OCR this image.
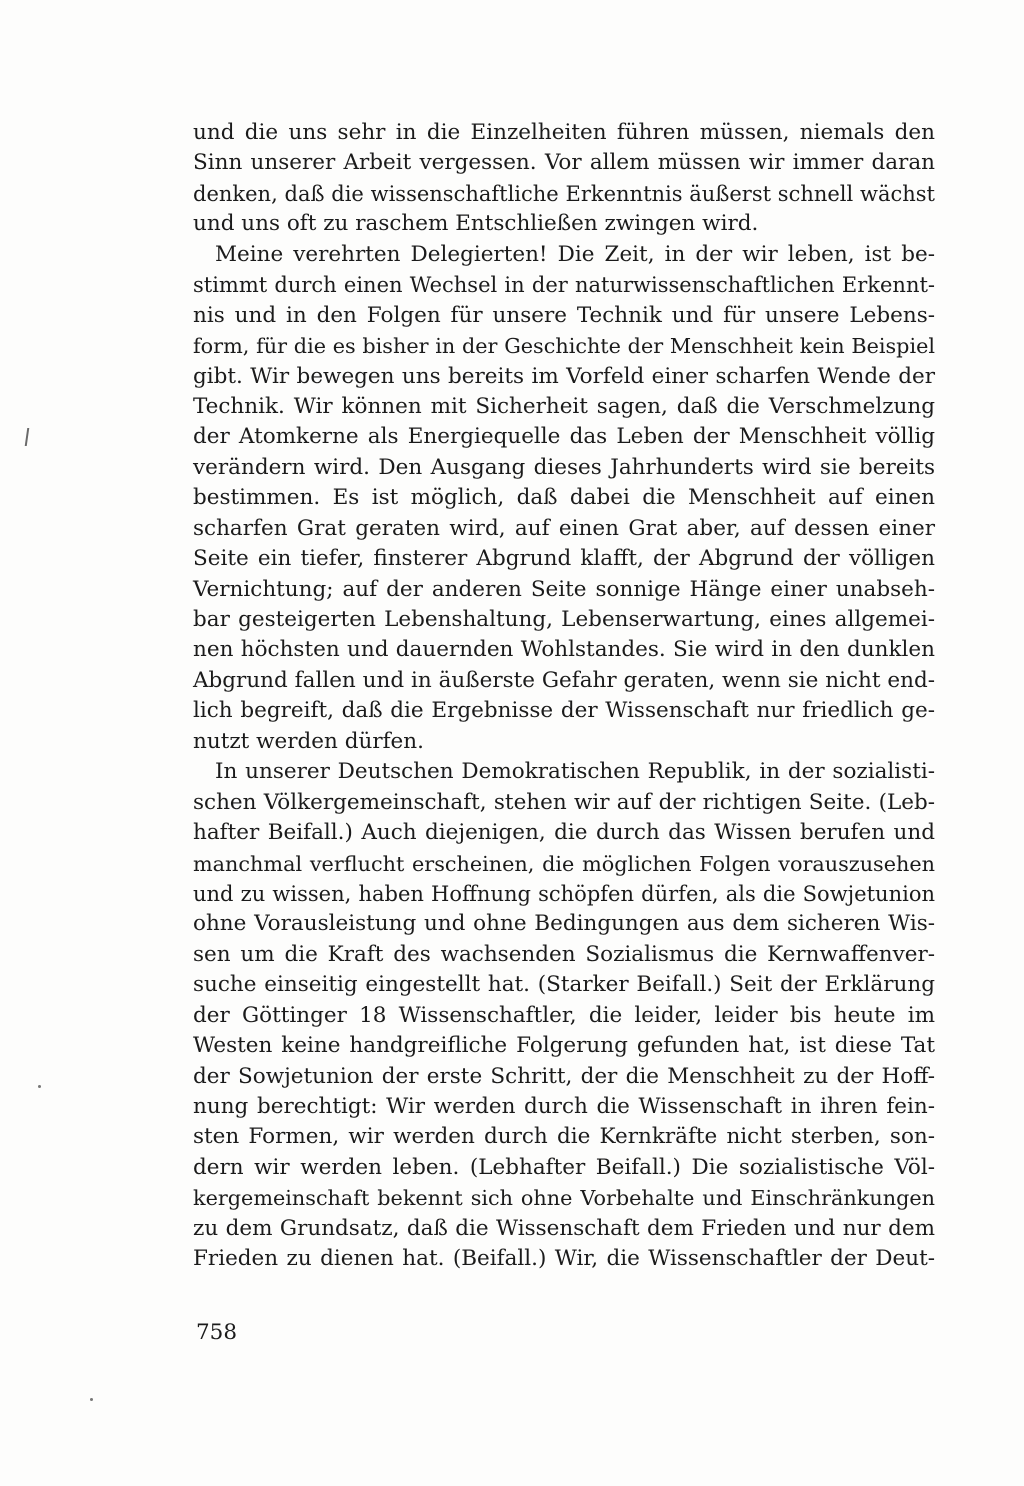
und die uns sehr in die Einzelheiten führen müssen, niemals den
Sinn unserer Arbeit vergessen. Vor allem müssen wir immer daran
denken, daß die wissenschaftliche Erkenntnis äußerst schnell wächst
und uns oft zu raschem Entschließen zwingen wird.
Meine verehrten Delegierten! Die Zeit, in der wir leben, ist be-
stimmt durch einen Wechsel in der naturwissenschaftlichen Erkennt-
nis und in den Folgen für unsere Technik und für unsere Lebens-
form, für die es bisher in der Geschichte der Menschheit kein Beispiel
gibt. Wir bewegen uns bereits im Vorfeld einer scharfen Wende der
Technik. Wir können mit Sicherheit sagen, daß die Verschmelzung
der Atomkerne als Energiequelle das Leben der Menschheit völlig
verändern wird. Den Ausgang dieses Jahrhunderts wird sie bereits
bestimmen. Es ist möglich, daß dabei die Menschheit auf einen
scharfen Grat geraten wird, auf einen Grat aber, auf dessen einer
Seite ein tiefer, finsterer Abgrund klafft, der Abgrund der völligen
Vernichtung; auf der anderen Seite sonnige Hänge einer unabseh-
bar gesteigerten Lebenshaltung, Lebenserwartung, eines allgemei-
nen höchsten und dauernden Wohlstandes. Sie wird in den dunklen
Abgrund fallen und in äußerste Gefahr geraten, wenn sie nicht end-
lich begreift, daß die Ergebnisse der Wissenschaft nur friedlich ge-
nutzt werden dürfen.
In unserer Deutschen Demokratischen Republik, in der sozialisti-
schen Völkergemeinschaft, stehen wir auf der richtigen Seite. (Leb-
hafter Beifall.) Auch diejenigen, die durch das Wissen berufen und
manchmal verflucht erscheinen, die möglichen Folgen vorauszusehen
und zu wissen, haben Hoffnung schöpfen dürfen, als die Sowjetunion
ohne Vorausleistung und ohne Bedingungen aus dem sicheren Wis-
sen um die Kraft des wachsenden Sozialismus die Kernwaffenver-
suche einseitig eingestellt hat. (Starker Beifall.) Seit der Erklärung
der Göttinger 18 Wissenschaftler, die leider, leider bis heute im
Westen keine handgreifliche Folgerung gefunden hat, ist diese Tat
der Sowjetunion der erste Schritt, der die Menschheit zu der Hoff-
nung berechtigt: Wir werden durch die Wissenschaft in ihren fein-
sten Formen, wir werden durch die Kernkräfte nicht sterben, son-
dern wir werden leben. (Lebhafter Beifall.) Die sozialistische Völ-
kergemeinschaft bekennt sich ohne Vorbehalte und Einschränkungen
zu dem Grundsatz, daß die Wissenschaft dem Frieden und nur dem
Frieden zu dienen hat. (Beifall.) Wir, die Wissenschaftler der Deut-
758
